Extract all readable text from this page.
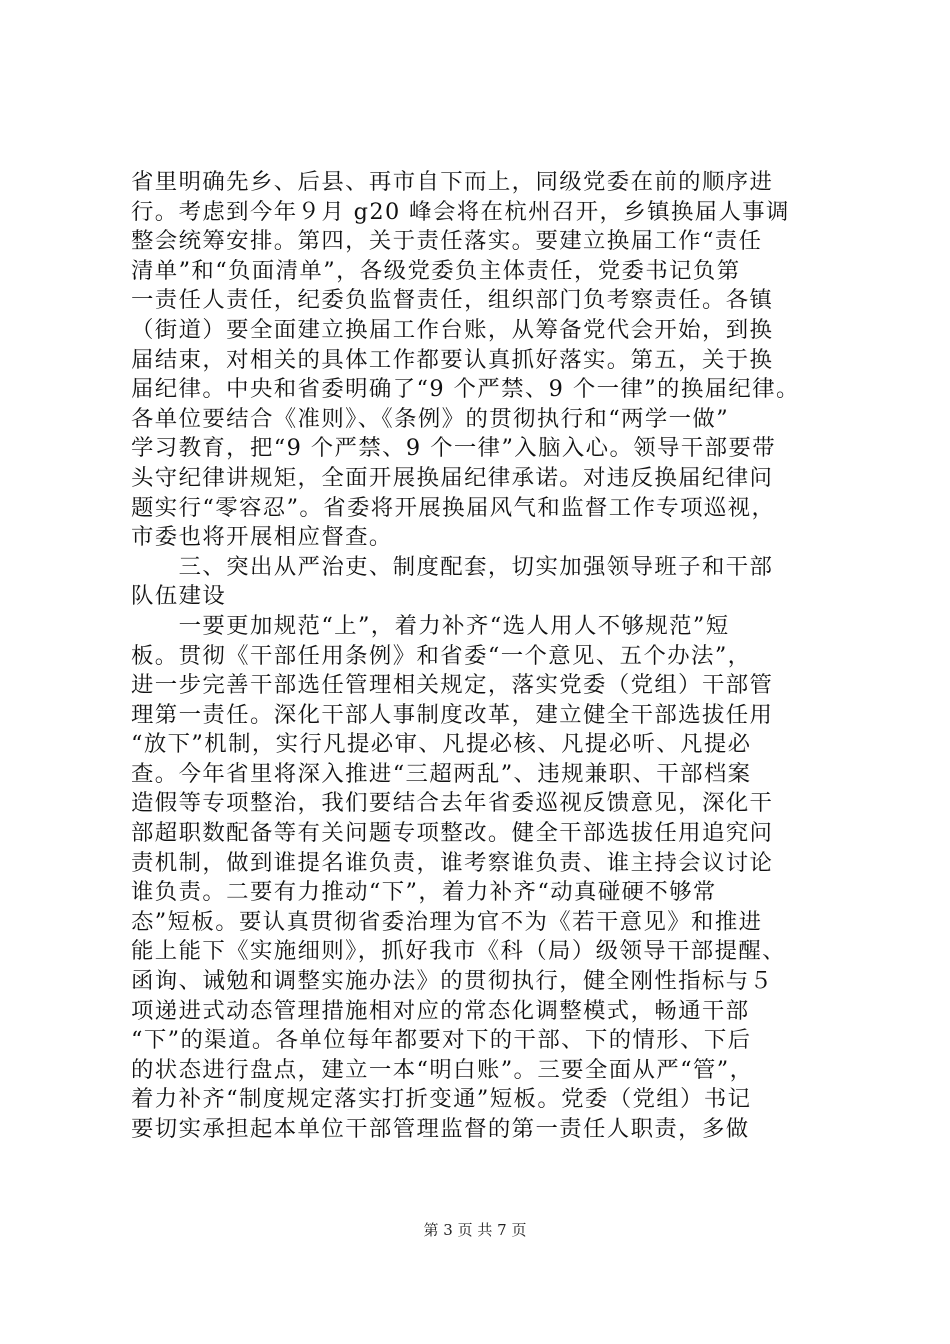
省里明确先乡、后县、再市自下而上，同级党委在前的顺序进
行。考虑到今年９月 g20 峰会将在杭州召开，乡镇换届人事调
整会统筹安排。第四，关于责任落实。要建立换届工作“责任
清单”和“负面清单”，各级党委负主体责任，党委书记负第
一责任人责任，纪委负监督责任，组织部门负考察责任。各镇
（街道）要全面建立换届工作台账，从筹备党代会开始，到换
届结束，对相关的具体工作都要认真抓好落实。第五，关于换
届纪律。中央和省委明确了“9 个严禁、9 个一律”的换届纪律。
各单位要结合《准则》、《条例》的贯彻执行和“两学一做”
学习教育，把“9 个严禁、9 个一律”入脑入心。领导干部要带
头守纪律讲规矩，全面开展换届纪律承诺。对违反换届纪律问
题实行“零容忍”。省委将开展换届风气和监督工作专项巡视，
市委也将开展相应督查。
　　三、突出从严治吏、制度配套，切实加强领导班子和干部
队伍建设
　　一要更加规范“上”，着力补齐“选人用人不够规范”短
板。贯彻《干部任用条例》和省委“一个意见、五个办法”，
进一步完善干部选任管理相关规定，落实党委（党组）干部管
理第一责任。深化干部人事制度改革，建立健全干部选拔任用
“放下”机制，实行凡提必审、凡提必核、凡提必听、凡提必
查。今年省里将深入推进“三超两乱”、违规兼职、干部档案
造假等专项整治，我们要结合去年省委巡视反馈意见，深化干
部超职数配备等有关问题专项整改。健全干部选拔任用追究问
责机制，做到谁提名谁负责，谁考察谁负责、谁主持会议讨论
谁负责。二要有力推动“下”，着力补齐“动真碰硬不够常
态”短板。要认真贯彻省委治理为官不为《若干意见》和推进
能上能下《实施细则》，抓好我市《科（局）级领导干部提醒、
函询、诫勉和调整实施办法》的贯彻执行，健全刚性指标与５
项递进式动态管理措施相对应的常态化调整模式，畅通干部
“下”的渠道。各单位每年都要对下的干部、下的情形、下后
的状态进行盘点，建立一本“明白账”。三要全面从严“管”，
着力补齐“制度规定落实打折变通”短板。党委（党组）书记
要切实承担起本单位干部管理监督的第一责任人职责，多做
第 3 页 共 7 页
